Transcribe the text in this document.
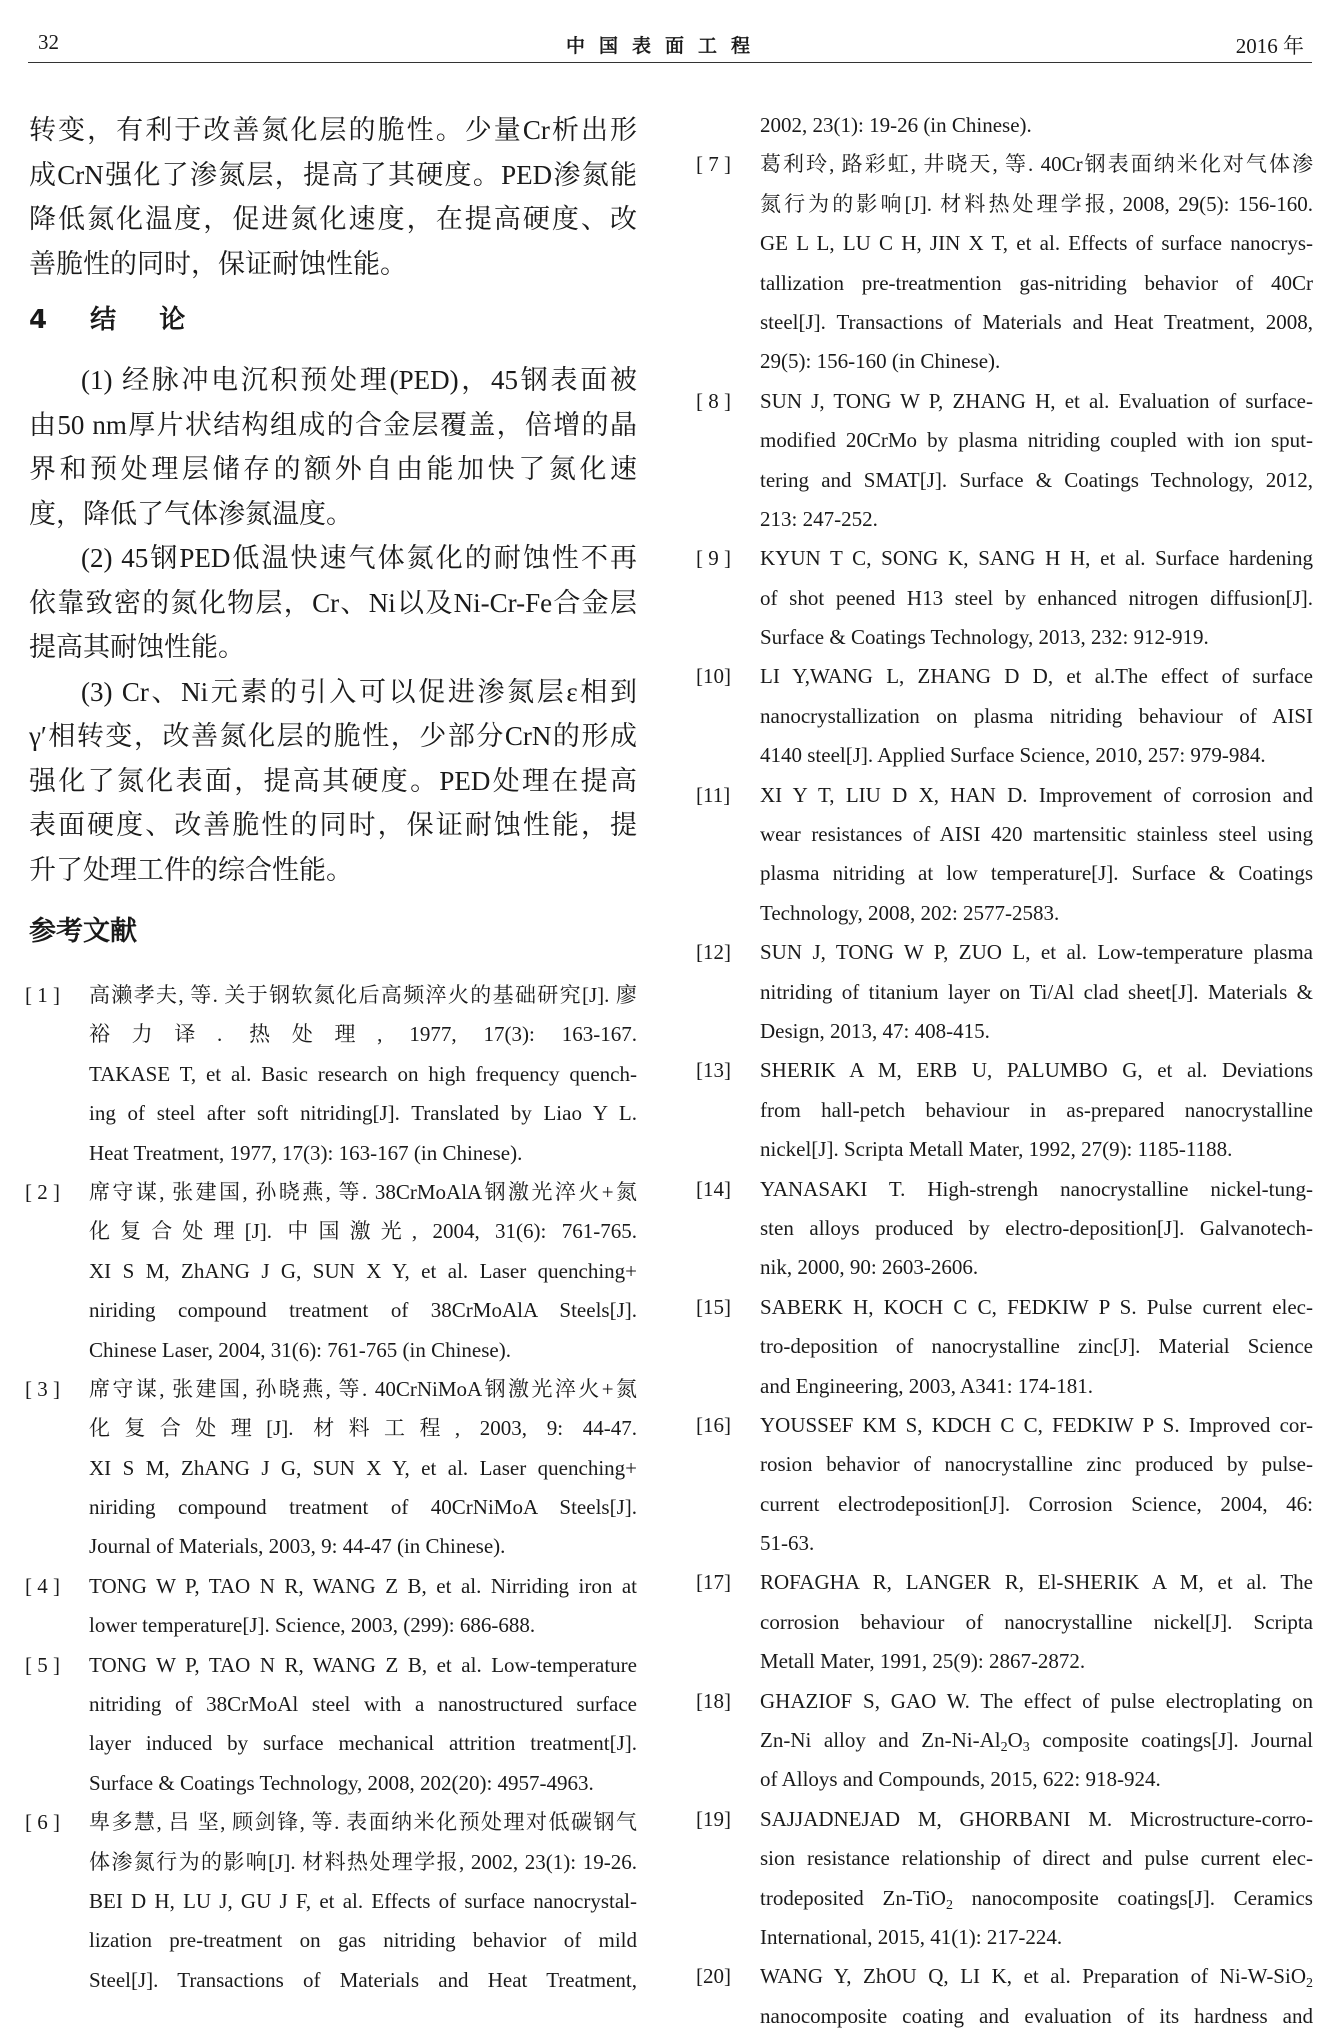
32	中国表面工程	2016 年
转变，有利于改善氮化层的脆性。少量Cr析出形
成CrN强化了渗氮层，提高了其硬度。PED渗氮能
降低氮化温度，促进氮化速度，在提高硬度、改
善脆性的同时，保证耐蚀性能。
4 结 论
(1) 经脉冲电沉积预处理(PED)，45钢表面被
由50 nm厚片状结构组成的合金层覆盖，倍增的晶
界和预处理层储存的额外自由能加快了氮化速
度，降低了气体渗氮温度。
(2) 45钢PED低温快速气体氮化的耐蚀性不再
依靠致密的氮化物层，Cr、Ni以及Ni-Cr-Fe合金层
提高其耐蚀性能。
(3) Cr、Ni元素的引入可以促进渗氮层ε相到
γ′相转变，改善氮化层的脆性，少部分CrN的形成
强化了氮化表面，提高其硬度。PED处理在提高
表面硬度、改善脆性的同时，保证耐蚀性能，提
升了处理工件的综合性能。
参考文献
[ 1 ] 高濑孝夫, 等. 关于钢软氮化后高频淬火的基础研究[J]. 廖
裕力译. 热处理, 1977, 17(3): 163-167.
TAKASE T, et al. Basic research on high frequency quench-
ing of steel after soft nitriding[J]. Translated by Liao Y L.
Heat Treatment, 1977, 17(3): 163-167 (in Chinese).
[ 2 ] 席守谋, 张建国, 孙晓燕, 等. 38CrMoAlA钢激光淬火+氮
化复合处理[J]. 中国激光, 2004, 31(6): 761-765.
XI S M, ZhANG J G, SUN X Y, et al. Laser quenching+
niriding compound treatment of 38CrMoAlA Steels[J].
Chinese Laser, 2004, 31(6): 761-765 (in Chinese).
[ 3 ] 席守谋, 张建国, 孙晓燕, 等. 40CrNiMoA钢激光淬火+氮
化复合处理[J]. 材料工程, 2003, 9: 44-47.
XI S M, ZhANG J G, SUN X Y, et al. Laser quenching+
niriding compound treatment of 40CrNiMoA Steels[J].
Journal of Materials, 2003, 9: 44-47 (in Chinese).
[ 4 ] TONG W P, TAO N R, WANG Z B, et al. Nirriding iron at
lower temperature[J]. Science, 2003, (299): 686-688.
[ 5 ] TONG W P, TAO N R, WANG Z B, et al. Low-temperature
nitriding of 38CrMoAl steel with a nanostructured surface
layer induced by surface mechanical attrition treatment[J].
Surface & Coatings Technology, 2008, 202(20): 4957-4963.
[ 6 ] 卑多慧, 吕 坚, 顾剑锋, 等. 表面纳米化预处理对低碳钢气
体渗氮行为的影响[J]. 材料热处理学报, 2002, 23(1): 19-26.
BEI D H, LU J, GU J F, et al. Effects of surface nanocrystal-
lization pre-treatment on gas nitriding behavior of mild
Steel[J]. Transactions of Materials and Heat Treatment,
2002, 23(1): 19-26 (in Chinese).
[ 7 ] 葛利玲, 路彩虹, 井晓天, 等. 40Cr钢表面纳米化对气体渗
氮行为的影响[J]. 材料热处理学报, 2008, 29(5): 156-160.
GE L L, LU C H, JIN X T, et al. Effects of surface nanocrys-
tallization pre-treatmention gas-nitriding behavior of 40Cr
steel[J]. Transactions of Materials and Heat Treatment, 2008,
29(5): 156-160 (in Chinese).
[ 8 ] SUN J, TONG W P, ZHANG H, et al. Evaluation of surface-
modified 20CrMo by plasma nitriding coupled with ion sput-
tering and SMAT[J]. Surface & Coatings Technology, 2012,
213: 247-252.
[ 9 ] KYUN T C, SONG K, SANG H H, et al. Surface hardening
of shot peened H13 steel by enhanced nitrogen diffusion[J].
Surface & Coatings Technology, 2013, 232: 912-919.
[10] LI Y,WANG L, ZHANG D D, et al.The effect of surface
nanocrystallization on plasma nitriding behaviour of AISI
4140 steel[J]. Applied Surface Science, 2010, 257: 979-984.
[11] XI Y T, LIU D X, HAN D. Improvement of corrosion and
wear resistances of AISI 420 martensitic stainless steel using
plasma nitriding at low temperature[J]. Surface & Coatings
Technology, 2008, 202: 2577-2583.
[12] SUN J, TONG W P, ZUO L, et al. Low-temperature plasma
nitriding of titanium layer on Ti/Al clad sheet[J]. Materials &
Design, 2013, 47: 408-415.
[13] SHERIK A M, ERB U, PALUMBO G, et al. Deviations
from hall-petch behaviour in as-prepared nanocrystalline
nickel[J]. Scripta Metall Mater, 1992, 27(9): 1185-1188.
[14] YANASAKI T. High-strengh nanocrystalline nickel-tung-
sten alloys produced by electro-deposition[J]. Galvanotech-
nik, 2000, 90: 2603-2606.
[15] SABERK H, KOCH C C, FEDKIW P S. Pulse current elec-
tro-deposition of nanocrystalline zinc[J]. Material Science
and Engineering, 2003, A341: 174-181.
[16] YOUSSEF KM S, KDCH C C, FEDKIW P S. Improved cor-
rosion behavior of nanocrystalline zinc produced by pulse-
current electrodeposition[J]. Corrosion Science, 2004, 46:
51-63.
[17] ROFAGHA R, LANGER R, El-SHERIK A M, et al. The
corrosion behaviour of nanocrystalline nickel[J]. Scripta
Metall Mater, 1991, 25(9): 2867-2872.
[18] GHAZIOF S, GAO W. The effect of pulse electroplating on
Zn-Ni alloy and $Zn-Ni-Al_2O_3$ composite coatings[J]. Journal
of Alloys and Compounds, 2015, 622: 918-924.
[19] SAJJADNEJAD M, GHORBANI M. Microstructure-corro-
sion resistance relationship of direct and pulse current elec-
trodeposited Zn-TiO$_2$ nanocomposite coatings[J]. Ceramics
International, 2015, 41(1): 217-224.
[20] WANG Y, ZhOU Q, LI K, et al. Preparation of Ni-W-SiO$_2$
nanocomposite coating and evaluation of its hardness and
